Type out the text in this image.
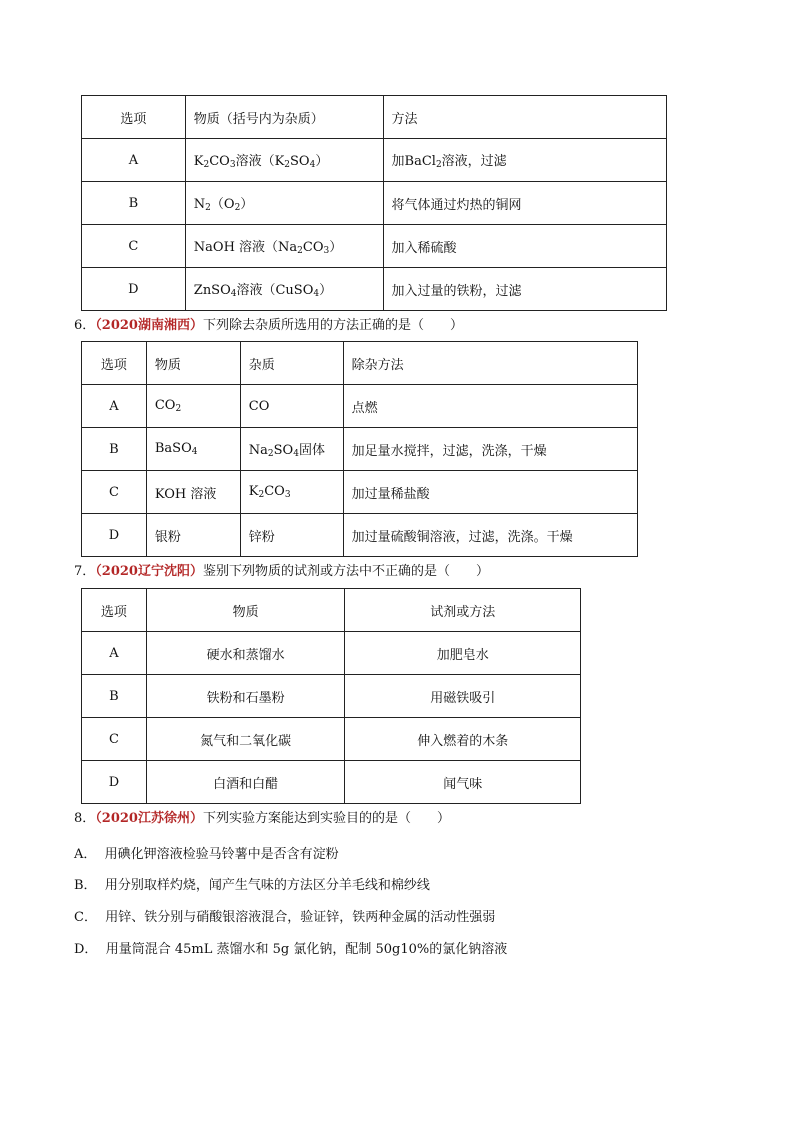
选项	物质（括号内为杂质）	方法
A	$K_2CO_3$溶液$(K_2SO_4)$	加BaCl$_2$溶液，过滤
B	$N_2(O_2)$	将气体通过灼热的铜网
C	NaOH 溶液$(Na_2CO_3)$	加入稀硫酸
D	ZnSO$_4$溶液（CuSO$_4$）	加入过量的铁粉，过滤
6．（2020湖南湘西）下列除去杂质所选用的方法正确的是（　　）
选项	物质	杂质	除杂方法
A	$CO_2$	CO	点燃
B	BaSO$_4$	$Na_2SO_4$固体	加足量水搅拌，过滤，洗涤，干燥
C	KOH 溶液	$K_2CO_3$	加过量稀盐酸
D	银粉	锌粉	加过量硫酸铜溶液，过滤，洗涤。干燥
7．（2020辽宁沈阳）鉴别下列物质的试剂或方法中不正确的是（　　）
选项	物质	试剂或方法
A	硬水和蒸馏水	加肥皂水
B	铁粉和石墨粉	用磁铁吸引
C	氮气和二氧化碳	伸入燃着的木条
D	白酒和白醋	闻气味
8．（2020江苏徐州）下列实验方案能达到实验目的的是（　　）
A． 用碘化钾溶液检验马铃薯中是否含有淀粉
B． 用分别取样灼烧，闻产生气味的方法区分羊毛线和棉纱线
C． 用锌、铁分别与硝酸银溶液混合，验证锌，铁两种金属的活动性强弱
D． 用量筒混合 45mL 蒸馏水和 5g 氯化钠，配制 50g10%的氯化钠溶液
